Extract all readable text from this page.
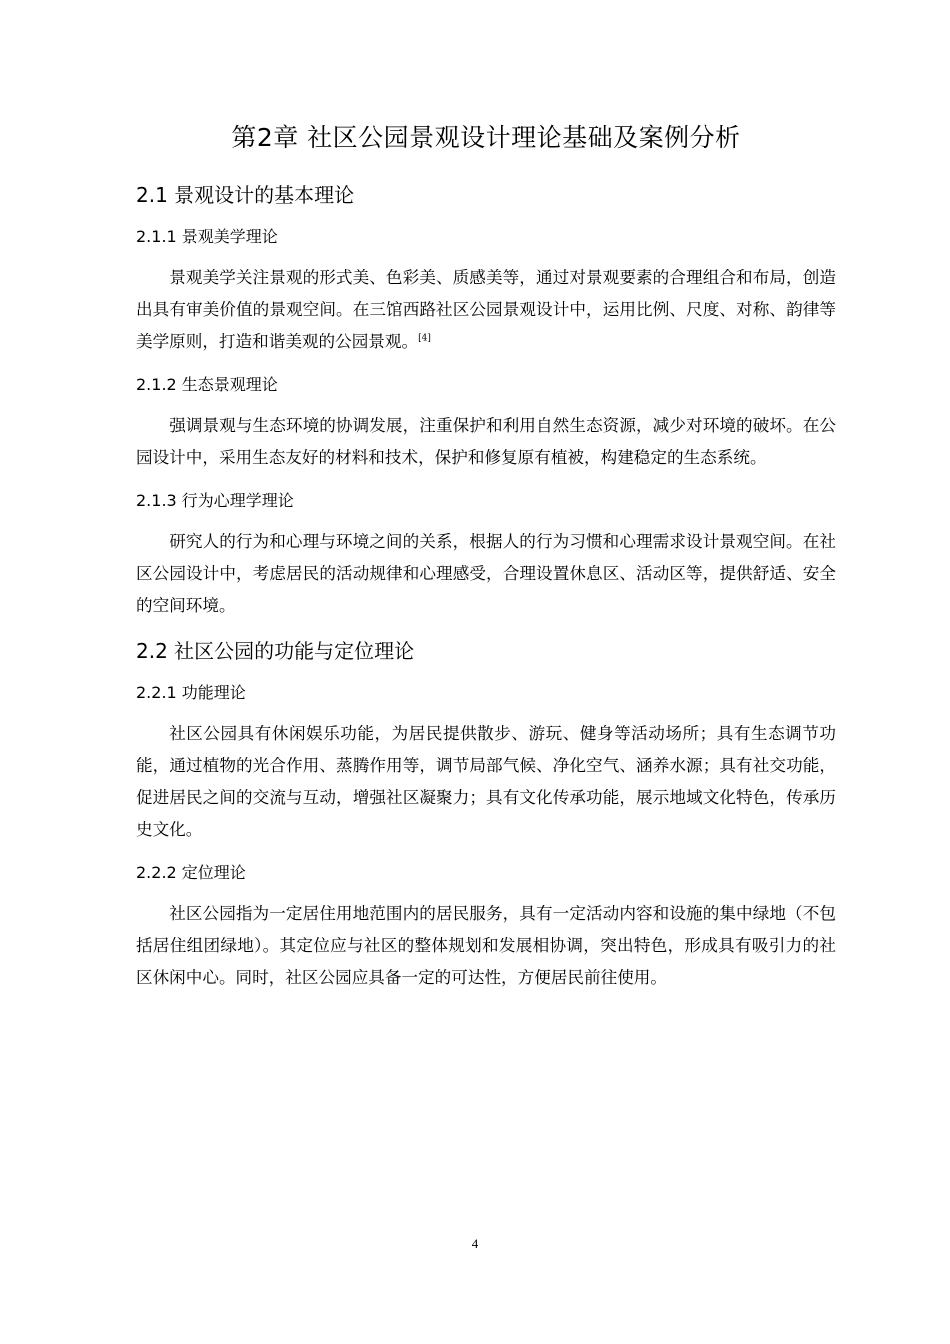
第2章 社区公园景观设计理论基础及案例分析
2.1 景观设计的基本理论
2.1.1 景观美学理论

景观美学关注景观的形式美、色彩美、质感美等，通过对景观要素的合理组合和布局，创造出具有审美价值的景观空间。在三馆西路社区公园景观设计中，运用比例、尺度、对称、韵律等美学原则，打造和谐美观的公园景观。[4]

2.1.2 生态景观理论

强调景观与生态环境的协调发展，注重保护和利用自然生态资源，减少对环境的破坏。在公园设计中，采用生态友好的材料和技术，保护和修复原有植被，构建稳定的生态系统。

2.1.3 行为心理学理论

研究人的行为和心理与环境之间的关系，根据人的行为习惯和心理需求设计景观空间。在社区公园设计中，考虑居民的活动规律和心理感受，合理设置休息区、活动区等，提供舒适、安全的空间环境。

2.2 社区公园的功能与定位理论
2.2.1 功能理论

社区公园具有休闲娱乐功能，为居民提供散步、游玩、健身等活动场所；具有生态调节功能，通过植物的光合作用、蒸腾作用等，调节局部气候、净化空气、涵养水源；具有社交功能，促进居民之间的交流与互动，增强社区凝聚力；具有文化传承功能，展示地域文化特色，传承历史文化。

2.2.2 定位理论

社区公园指为一定居住用地范围内的居民服务，具有一定活动内容和设施的集中绿地（不包括居住组团绿地）。其定位应与社区的整体规划和发展相协调，突出特色，形成具有吸引力的社区休闲中心。同时，社区公园应具备一定的可达性，方便居民前往使用。

4
